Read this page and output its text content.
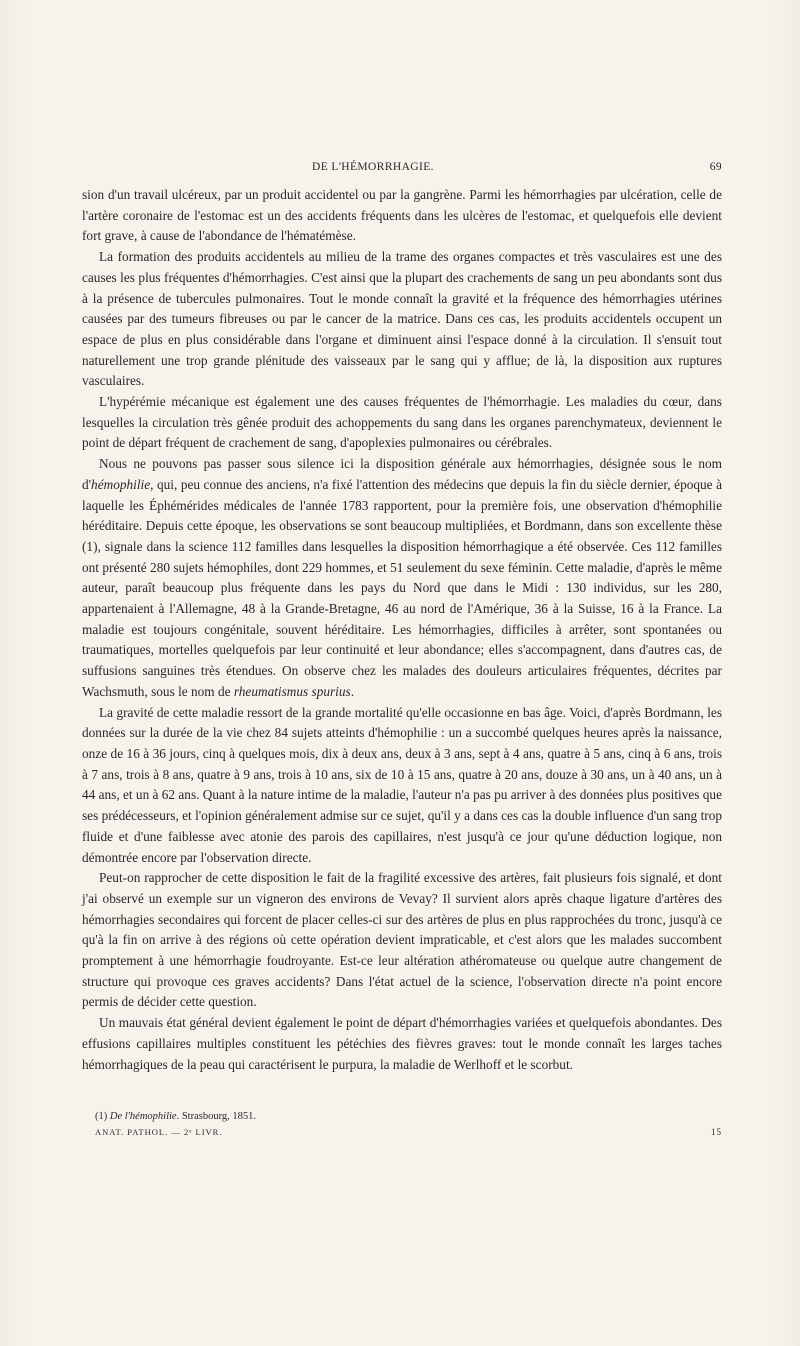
DE L'HÉMORRHAGIE.	69

sion d'un travail ulcéreux, par un produit accidentel ou par la gangrène. Parmi les hémorrhagies par ulcération, celle de l'artère coronaire de l'estomac est un des accidents fréquents dans les ulcères de l'estomac, et quelquefois elle devient fort grave, à cause de l'abondance de l'hématémèse.

La formation des produits accidentels au milieu de la trame des organes compactes et très vasculaires est une des causes les plus fréquentes d'hémorrhagies. C'est ainsi que la plupart des crachements de sang un peu abondants sont dus à la présence de tubercules pulmonaires. Tout le monde connaît la gravité et la fréquence des hémorrhagies utérines causées par des tumeurs fibreuses ou par le cancer de la matrice. Dans ces cas, les produits accidentels occupent un espace de plus en plus considérable dans l'organe et diminuent ainsi l'espace donné à la circulation. Il s'ensuit tout naturellement une trop grande plénitude des vaisseaux par le sang qui y afflue; de là, la disposition aux ruptures vasculaires.

L'hypérémie mécanique est également une des causes fréquentes de l'hémorrhagie. Les maladies du cœur, dans lesquelles la circulation très gênée produit des achoppements du sang dans les organes parenchymateux, deviennent le point de départ fréquent de crachement de sang, d'apoplexies pulmonaires ou cérébrales.

Nous ne pouvons pas passer sous silence ici la disposition générale aux hémorrhagies, désignée sous le nom d'hémophilie, qui, peu connue des anciens, n'a fixé l'attention des médecins que depuis la fin du siècle dernier, époque à laquelle les Éphémérides médicales de l'année 1783 rapportent, pour la première fois, une observation d'hémophilie héréditaire. Depuis cette époque, les observations se sont beaucoup multipliées, et Bordmann, dans son excellente thèse (1), signale dans la science 112 familles dans lesquelles la disposition hémorrhagique a été observée. Ces 112 familles ont présenté 280 sujets hémophiles, dont 229 hommes, et 51 seulement du sexe féminin. Cette maladie, d'après le même auteur, paraît beaucoup plus fréquente dans les pays du Nord que dans le Midi : 130 individus, sur les 280, appartenaient à l'Allemagne, 48 à la Grande-Bretagne, 46 au nord de l'Amérique, 36 à la Suisse, 16 à la France. La maladie est toujours congénitale, souvent héréditaire. Les hémorrhagies, difficiles à arrêter, sont spontanées ou traumatiques, mortelles quelquefois par leur continuité et leur abondance; elles s'accompagnent, dans d'autres cas, de suffusions sanguines très étendues. On observe chez les malades des douleurs articulaires fréquentes, décrites par Wachsmuth, sous le nom de rheumatismus spurius.

La gravité de cette maladie ressort de la grande mortalité qu'elle occasionne en bas âge. Voici, d'après Bordmann, les données sur la durée de la vie chez 84 sujets atteints d'hémophilie : un a succombé quelques heures après la naissance, onze de 16 à 36 jours, cinq à quelques mois, dix à deux ans, deux à 3 ans, sept à 4 ans, quatre à 5 ans, cinq à 6 ans, trois à 7 ans, trois à 8 ans, quatre à 9 ans, trois à 10 ans, six de 10 à 15 ans, quatre à 20 ans, douze à 30 ans, un à 40 ans, un à 44 ans, et un à 62 ans. Quant à la nature intime de la maladie, l'auteur n'a pas pu arriver à des données plus positives que ses prédécesseurs, et l'opinion généralement admise sur ce sujet, qu'il y a dans ces cas la double influence d'un sang trop fluide et d'une faiblesse avec atonie des parois des capillaires, n'est jusqu'à ce jour qu'une déduction logique, non démontrée encore par l'observation directe.

Peut-on rapprocher de cette disposition le fait de la fragilité excessive des artères, fait plusieurs fois signalé, et dont j'ai observé un exemple sur un vigneron des environs de Vevay? Il survient alors après chaque ligature d'artères des hémorrhagies secondaires qui forcent de placer celles-ci sur des artères de plus en plus rapprochées du tronc, jusqu'à ce qu'à la fin on arrive à des régions où cette opération devient impraticable, et c'est alors que les malades succombent promptement à une hémorrhagie foudroyante. Est-ce leur altération athéromateuse ou quelque autre changement de structure qui provoque ces graves accidents? Dans l'état actuel de la science, l'observation directe n'a point encore permis de décider cette question.

Un mauvais état général devient également le point de départ d'hémorrhagies variées et quelquefois abondantes. Des effusions capillaires multiples constituent les pétéchies des fièvres graves: tout le monde connaît les larges taches hémorrhagiques de la peau qui caractérisent le purpura, la maladie de Werlhoff et le scorbut.

(1) De l'hémophilie. Strasbourg, 1851.
ANAT. PATHOL. — 2ᵉ LIVR.	15
